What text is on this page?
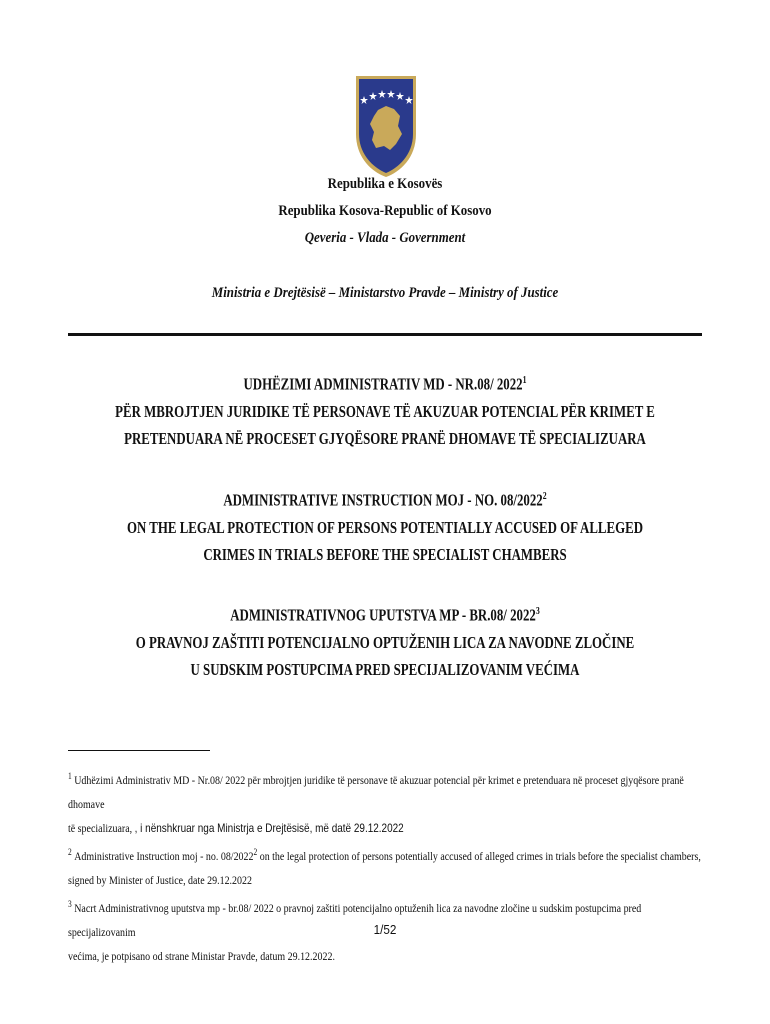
Republika e Kosovës
Republika Kosova-Republic of Kosovo
Qeveria - Vlada - Government
Ministria e Drejtësisë – Ministarstvo Pravde – Ministry of Justice
UDHËZIMI ADMINISTRATIV MD - NR.08/ 2022$^1$
PËR MBROJTJEN JURIDIKE TË PERSONAVE TË AKUZUAR POTENCIAL PËR KRIMET E
PRETENDUARA NË PROCESET GJYQËSORE PRANË DHOMAVE TË SPECIALIZUARA
ADMINISTRATIVE INSTRUCTION MOJ - NO. 08/2022$^2$
ON THE LEGAL PROTECTION OF PERSONS POTENTIALLY ACCUSED OF ALLEGED
CRIMES IN TRIALS BEFORE THE SPECIALIST CHAMBERS
ADMINISTRATIVNOG UPUTSTVA MP - BR.08/ 2022$^3$
O PRAVNOJ ZAŠTITI POTENCIJALNO OPTUŽENIH LICA ZA NAVODNE ZLOČINE
U SUDSKIM POSTUPCIMA PRED SPECIJALIZOVANIM VEĆIMA
$^1$ Udhëzimi Administrativ MD - Nr.08/ 2022 për mbrojtjen juridike të personave të akuzuar potencial për krimet e pretenduara në proceset gjyqësore pranë dhomave
të specializuara, , i nënshkruar nga Ministrja e Drejtësisë, më datë 29.12.2022
$^2$ Administrative Instruction moj - no. 08/2022$^2$ on the legal protection of persons potentially accused of alleged crimes in trials before the specialist chambers,
signed by Minister of Justice, date 29.12.2022
$^3$ Nacrt Administrativnog uputstva mp - br.08/ 2022 o pravnoj zaštiti potencijalno optuženih lica za navodne zločine u sudskim postupcima pred specijalizovanim
većima, je potpisano od strane Ministar Pravde, datum 29.12.2022.
1/52
